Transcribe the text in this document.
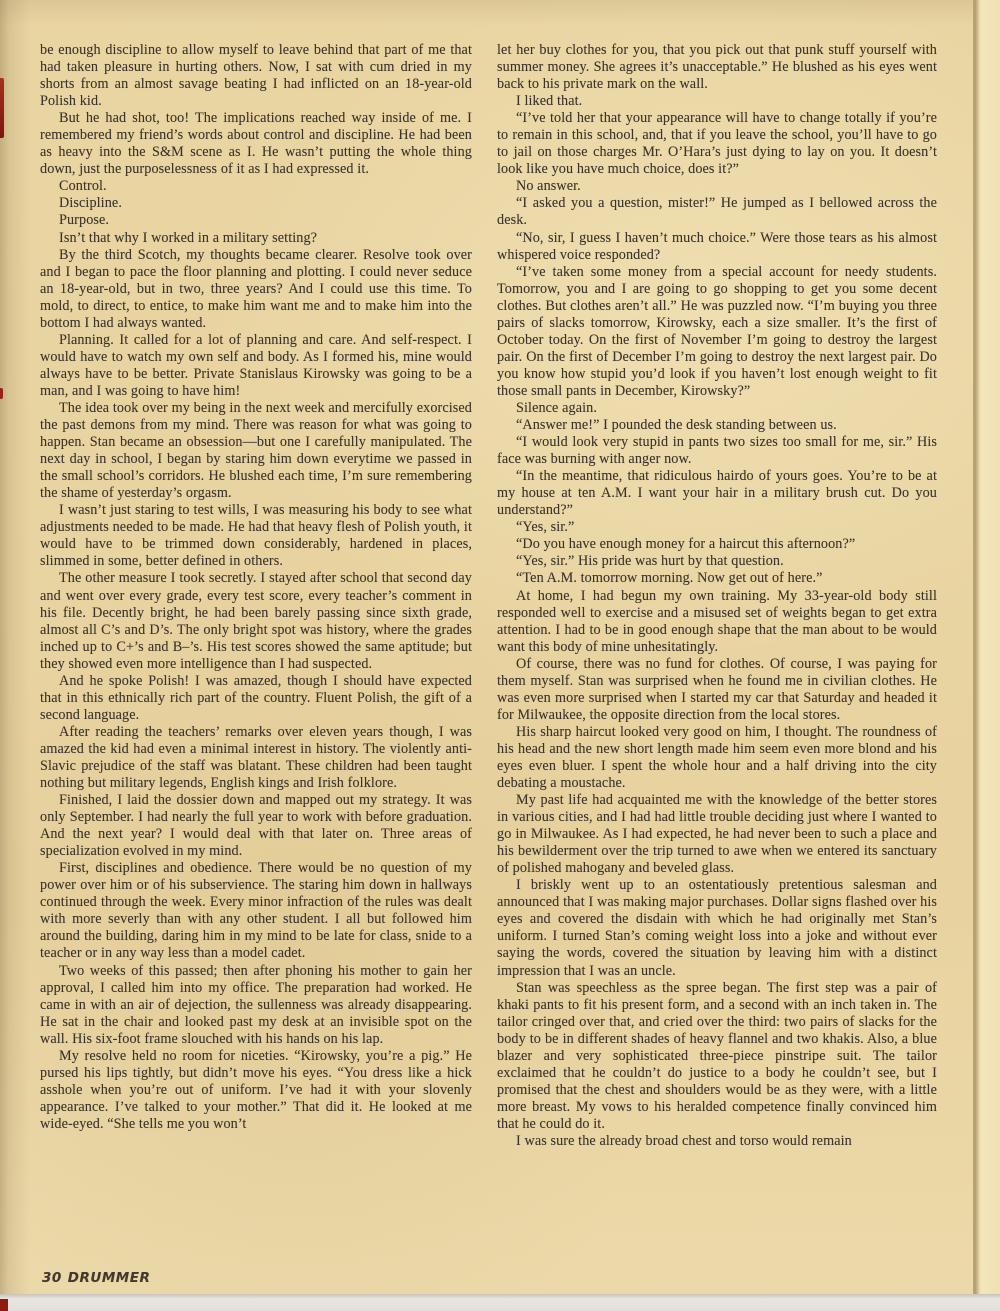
be enough discipline to allow myself to leave behind that part of me that had taken pleasure in hurting others. Now, I sat with cum dried in my shorts from an almost savage beating I had inflicted on an 18-year-old Polish kid.

But he had shot, too! The implications reached way inside of me. I remembered my friend’s words about control and discipline. He had been as heavy into the S&M scene as I. He wasn’t putting the whole thing down, just the purposelessness of it as I had expressed it.

Control.

Discipline.

Purpose.

Isn’t that why I worked in a military setting?

By the third Scotch, my thoughts became clearer. Resolve took over and I began to pace the floor planning and plotting. I could never seduce an 18-year-old, but in two, three years? And I could use this time. To mold, to direct, to entice, to make him want me and to make him into the bottom I had always wanted.

Planning. It called for a lot of planning and care. And self-respect. I would have to watch my own self and body. As I formed his, mine would always have to be better. Private Stanislaus Kirowsky was going to be a man, and I was going to have him!

The idea took over my being in the next week and mercifully exorcised the past demons from my mind. There was reason for what was going to happen. Stan became an obsession—but one I carefully manipulated. The next day in school, I began by staring him down everytime we passed in the small school’s corridors. He blushed each time, I’m sure remembering the shame of yesterday’s orgasm.

I wasn’t just staring to test wills, I was measuring his body to see what adjustments needed to be made. He had that heavy flesh of Polish youth, it would have to be trimmed down considerably, hardened in places, slimmed in some, better defined in others.

The other measure I took secretly. I stayed after school that second day and went over every grade, every test score, every teacher’s comment in his file. Decently bright, he had been barely passing since sixth grade, almost all C’s and D’s. The only bright spot was history, where the grades inched up to C+’s and B–’s. His test scores showed the same aptitude; but they showed even more intelligence than I had suspected.

And he spoke Polish! I was amazed, though I should have expected that in this ethnically rich part of the country. Fluent Polish, the gift of a second language.

After reading the teachers’ remarks over eleven years though, I was amazed the kid had even a minimal interest in history. The violently anti-Slavic prejudice of the staff was blatant. These children had been taught nothing but military legends, English kings and Irish folklore.

Finished, I laid the dossier down and mapped out my strategy. It was only September. I had nearly the full year to work with before graduation. And the next year? I would deal with that later on. Three areas of specialization evolved in my mind.

First, disciplines and obedience. There would be no question of my power over him or of his subservience. The staring him down in hallways continued through the week. Every minor infraction of the rules was dealt with more severly than with any other student. I all but followed him around the building, daring him in my mind to be late for class, snide to a teacher or in any way less than a model cadet.

Two weeks of this passed; then after phoning his mother to gain her approval, I called him into my office. The preparation had worked. He came in with an air of dejection, the sullenness was already disappearing. He sat in the chair and looked past my desk at an invisible spot on the wall. His six-foot frame slouched with his hands on his lap.

My resolve held no room for niceties. “Kirowsky, you’re a pig.” He pursed his lips tightly, but didn’t move his eyes. “You dress like a hick asshole when you’re out of uniform. I’ve had it with your slovenly appearance. I’ve talked to your mother.” That did it. He looked at me wide-eyed. “She tells me you won’t

let her buy clothes for you, that you pick out that punk stuff yourself with summer money. She agrees it’s unacceptable.” He blushed as his eyes went back to his private mark on the wall.

I liked that.

“I’ve told her that your appearance will have to change totally if you’re to remain in this school, and, that if you leave the school, you’ll have to go to jail on those charges Mr. O’Hara’s just dying to lay on you. It doesn’t look like you have much choice, does it?”

No answer.

“I asked you a question, mister!” He jumped as I bellowed across the desk.

“No, sir, I guess I haven’t much choice.” Were those tears as his almost whispered voice responded?

“I’ve taken some money from a special account for needy students. Tomorrow, you and I are going to go shopping to get you some decent clothes. But clothes aren’t all.” He was puzzled now. “I’m buying you three pairs of slacks tomorrow, Kirowsky, each a size smaller. It’s the first of October today. On the first of November I’m going to destroy the largest pair. On the first of December I’m going to destroy the next largest pair. Do you know how stupid you’d look if you haven’t lost enough weight to fit those small pants in December, Kirowsky?”

Silence again.

“Answer me!” I pounded the desk standing between us.

“I would look very stupid in pants two sizes too small for me, sir.” His face was burning with anger now.

“In the meantime, that ridiculous hairdo of yours goes. You’re to be at my house at ten A.M. I want your hair in a military brush cut. Do you understand?”

“Yes, sir.”

“Do you have enough money for a haircut this afternoon?”

“Yes, sir.” His pride was hurt by that question.

“Ten A.M. tomorrow morning. Now get out of here.”

At home, I had begun my own training. My 33-year-old body still responded well to exercise and a misused set of weights began to get extra attention. I had to be in good enough shape that the man about to be would want this body of mine unhesitatingly.

Of course, there was no fund for clothes. Of course, I was paying for them myself. Stan was surprised when he found me in civilian clothes. He was even more surprised when I started my car that Saturday and headed it for Milwaukee, the opposite direction from the local stores.

His sharp haircut looked very good on him, I thought. The roundness of his head and the new short length made him seem even more blond and his eyes even bluer. I spent the whole hour and a half driving into the city debating a moustache.

My past life had acquainted me with the knowledge of the better stores in various cities, and I had had little trouble deciding just where I wanted to go in Milwaukee. As I had expected, he had never been to such a place and his bewilderment over the trip turned to awe when we entered its sanctuary of polished mahogany and beveled glass.

I briskly went up to an ostentatiously pretentious salesman and announced that I was making major purchases. Dollar signs flashed over his eyes and covered the disdain with which he had originally met Stan’s uniform. I turned Stan’s coming weight loss into a joke and without ever saying the words, covered the situation by leaving him with a distinct impression that I was an uncle.

Stan was speechless as the spree began. The first step was a pair of khaki pants to fit his present form, and a second with an inch taken in. The tailor cringed over that, and cried over the third: two pairs of slacks for the body to be in different shades of heavy flannel and two khakis. Also, a blue blazer and very sophisticated three-piece pinstripe suit. The tailor exclaimed that he couldn’t do justice to a body he couldn’t see, but I promised that the chest and shoulders would be as they were, with a little more breast. My vows to his heralded competence finally convinced him that he could do it.

I was sure the already broad chest and torso would remain

30 DRUMMER
